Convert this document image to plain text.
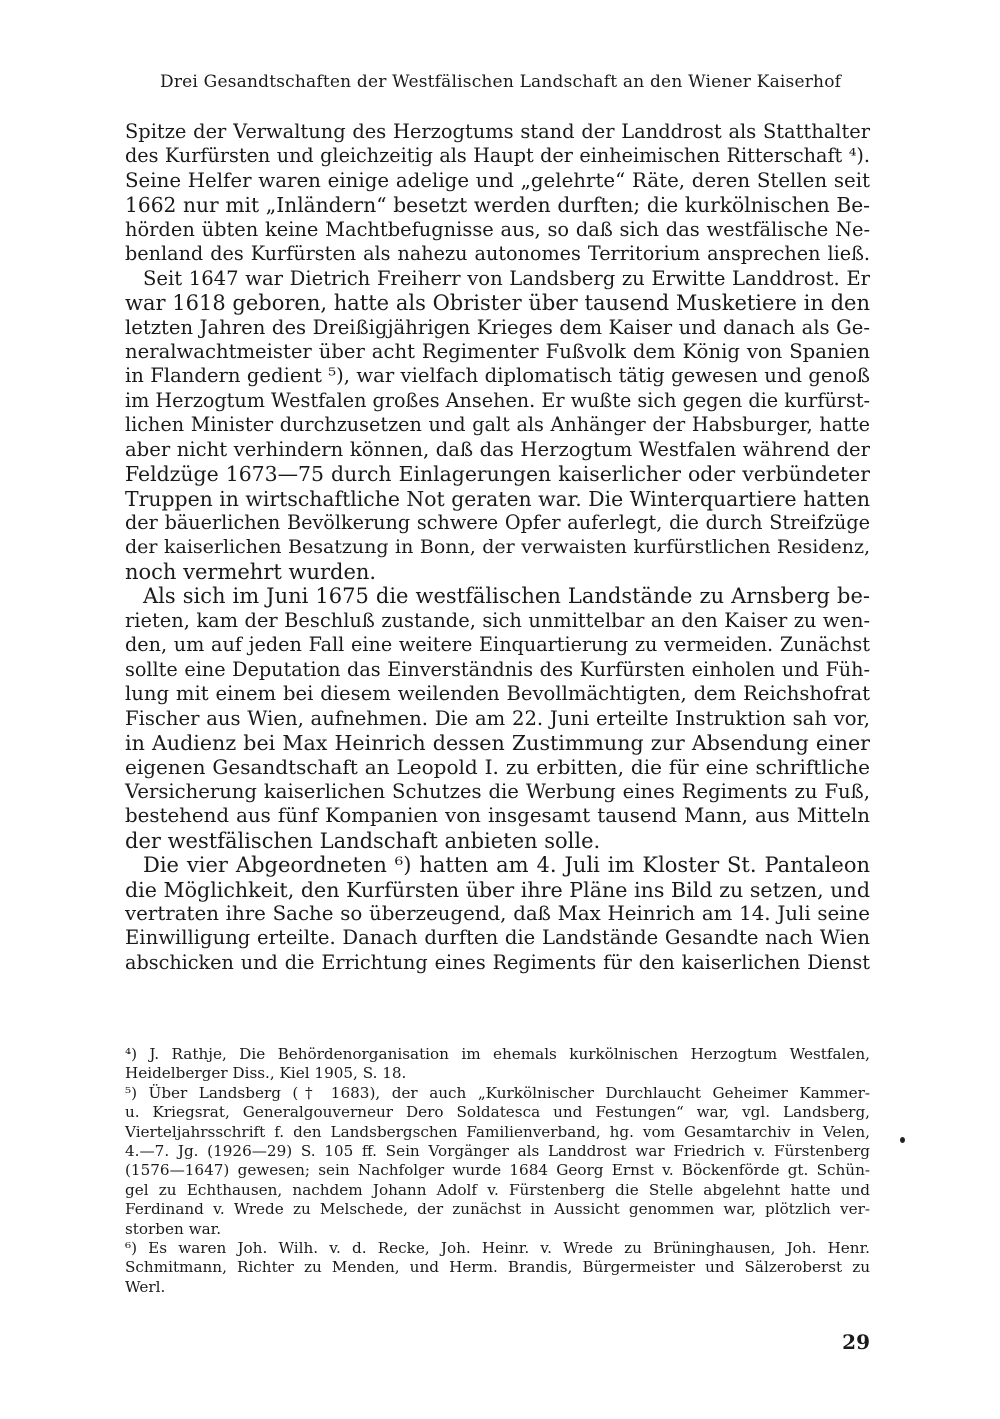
Drei Gesandtschaften der Westfälischen Landschaft an den Wiener Kaiserhof
Spitze der Verwaltung des Herzogtums stand der Landdrost als Statthalter
des Kurfürsten und gleichzeitig als Haupt der einheimischen Ritterschaft ⁴).
Seine Helfer waren einige adelige und „gelehrte“ Räte, deren Stellen seit
1662 nur mit „Inländern“ besetzt werden durften; die kurkölnischen Be-
hörden übten keine Machtbefugnisse aus, so daß sich das westfälische Ne-
benland des Kurfürsten als nahezu autonomes Territorium ansprechen ließ.
Seit 1647 war Dietrich Freiherr von Landsberg zu Erwitte Landdrost. Er
war 1618 geboren, hatte als Obrister über tausend Musketiere in den
letzten Jahren des Dreißigjährigen Krieges dem Kaiser und danach als Ge-
neralwachtmeister über acht Regimenter Fußvolk dem König von Spanien
in Flandern gedient ⁵), war vielfach diplomatisch tätig gewesen und genoß
im Herzogtum Westfalen großes Ansehen. Er wußte sich gegen die kurfürst-
lichen Minister durchzusetzen und galt als Anhänger der Habsburger, hatte
aber nicht verhindern können, daß das Herzogtum Westfalen während der
Feldzüge 1673—75 durch Einlagerungen kaiserlicher oder verbündeter
Truppen in wirtschaftliche Not geraten war. Die Winterquartiere hatten
der bäuerlichen Bevölkerung schwere Opfer auferlegt, die durch Streifzüge
der kaiserlichen Besatzung in Bonn, der verwaisten kurfürstlichen Residenz,
noch vermehrt wurden.
Als sich im Juni 1675 die westfälischen Landstände zu Arnsberg be-
rieten, kam der Beschluß zustande, sich unmittelbar an den Kaiser zu wen-
den, um auf jeden Fall eine weitere Einquartierung zu vermeiden. Zunächst
sollte eine Deputation das Einverständnis des Kurfürsten einholen und Füh-
lung mit einem bei diesem weilenden Bevollmächtigten, dem Reichshofrat
Fischer aus Wien, aufnehmen. Die am 22. Juni erteilte Instruktion sah vor,
in Audienz bei Max Heinrich dessen Zustimmung zur Absendung einer
eigenen Gesandtschaft an Leopold I. zu erbitten, die für eine schriftliche
Versicherung kaiserlichen Schutzes die Werbung eines Regiments zu Fuß,
bestehend aus fünf Kompanien von insgesamt tausend Mann, aus Mitteln
der westfälischen Landschaft anbieten solle.
Die vier Abgeordneten ⁶) hatten am 4. Juli im Kloster St. Pantaleon
die Möglichkeit, den Kurfürsten über ihre Pläne ins Bild zu setzen, und
vertraten ihre Sache so überzeugend, daß Max Heinrich am 14. Juli seine
Einwilligung erteilte. Danach durften die Landstände Gesandte nach Wien
abschicken und die Errichtung eines Regiments für den kaiserlichen Dienst
⁴) J. Rathje, Die Behördenorganisation im ehemals kurkölnischen Herzogtum Westfalen,
Heidelberger Diss., Kiel 1905, S. 18.
⁵) Über Landsberg († 1683), der auch „Kurkölnischer Durchlaucht Geheimer Kammer-
u. Kriegsrat, Generalgouverneur Dero Soldatesca und Festungen“ war, vgl. Landsberg,
Vierteljahrsschrift f. den Landsbergschen Familienverband, hg. vom Gesamtarchiv in Velen,
4.—7. Jg. (1926—29) S. 105 ff. Sein Vorgänger als Landdrost war Friedrich v. Fürstenberg
(1576—1647) gewesen; sein Nachfolger wurde 1684 Georg Ernst v. Böckenförde gt. Schün-
gel zu Echthausen, nachdem Johann Adolf v. Fürstenberg die Stelle abgelehnt hatte und
Ferdinand v. Wrede zu Melschede, der zunächst in Aussicht genommen war, plötzlich ver-
storben war.
⁶) Es waren Joh. Wilh. v. d. Recke, Joh. Heinr. v. Wrede zu Brüninghausen, Joh. Henr.
Schmitmann, Richter zu Menden, und Herm. Brandis, Bürgermeister und Sälzeroberst zu
Werl.
29
